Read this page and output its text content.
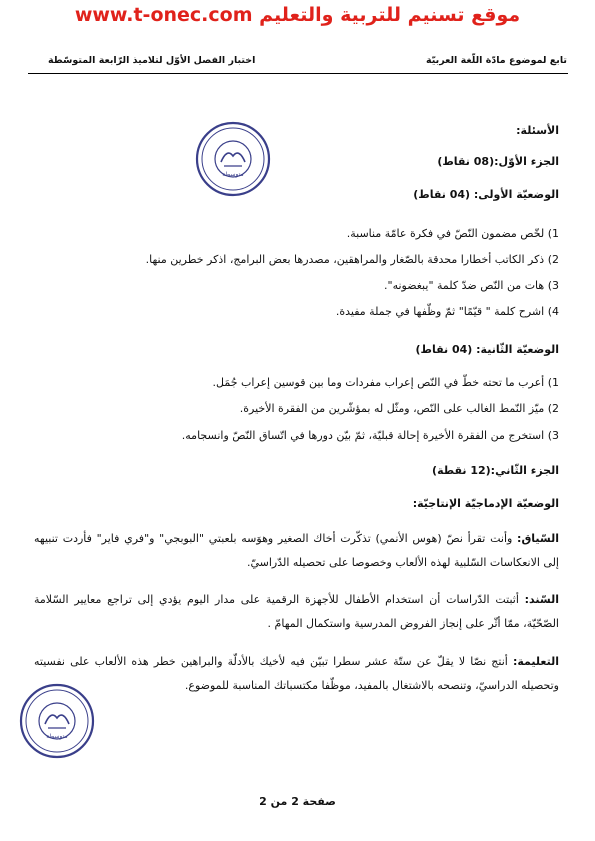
www.t-onec.com موقع تسنيم للتربية والتعليم
تابع لموضوع مادّة اللّغة العربيّة
اختبار الفصل الأوّل لتلاميذ الرّابعة المتوسّطة
متوسطة
الأسئلة:
الجزء الأوّل:(08 نقاط)
الوضعيّة الأولى: (04 نقاط)
1) لخّص مضمون النّصّ في فكرة عامّة مناسبة.
2) ذكر الكاتب أخطارا محدقة بالصّغار والمراهقين، مصدرها بعض البرامج، اذكر خطرين منها.
3) هات من النّص ضدّ كلمة "يبغضونه".
4) اشرح كلمة " قيّمًا" ثمّ وظّفها في جملة مفيدة.
الوضعيّة الثّانية: (04 نقاط)
1) أعرب ما تحته خطّ في النّص إعراب مفردات وما بين قوسين إعراب جُمَل.
2) ميّز النّمط الغالب على النّص، ومثّل له بمؤشّرين من الفقرة الأخيرة.
3) استخرج من الفقرة الأخيرة إحالة قبليّة، ثمّ بيّن دورها في اتّساق النّصّ وانسجامه.
الجزء الثّاني:(12 نقطة)
الوضعيّة الإدماجيّة الإنتاجيّة:
السّياق: وأنت تقرأ نصّ (هوس الأنمي) تذكّرت أخاك الصغير وهوَسه بلعبتي "البوبجي" و"فري فاير" فأردت تنبيهه إلى الانعكاسات السّلبية لهذه الألعاب وخصوصا على تحصيله الدّراسيّ.
السّند: أثبتت الدّراسات أن استخدام الأطفال للأجهزة الرقمية على مدار اليوم يؤدي إلى تراجع معايير السّلامة الصّحّيّة، ممّا أثّر على إنجاز الفروض المدرسية واستكمال المهامّ .
التعليمة: أنتج نصّا لا يقلّ عن ستّة عشر سطرا تبيّن فيه لأخيك بالأدلّة والبراهين خطر هذه الألعاب على نفسيته وتحصيله الدراسيّ، وتنصحه بالاشتغال بالمفيد، موظّفا مكتسباتك المناسبة للموضوع.
متوسطة
صفحة 2 من 2
